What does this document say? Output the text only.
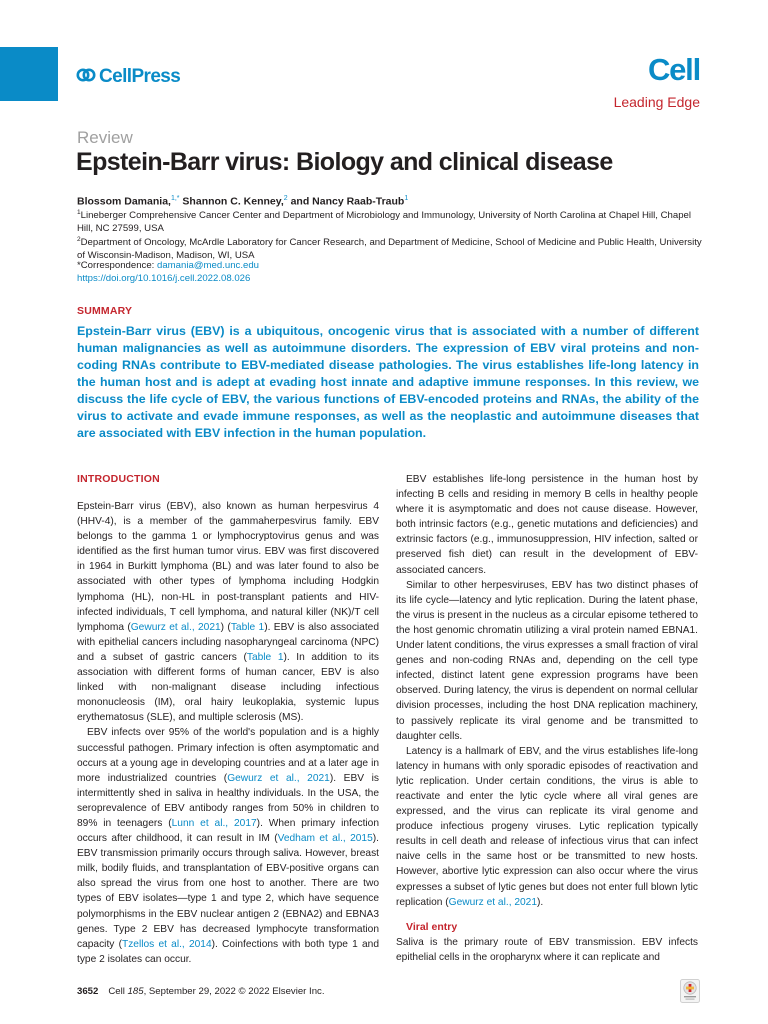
CellPress	Cell
Leading Edge
Review
Epstein-Barr virus: Biology and clinical disease
Blossom Damania,$^{1,*}$ Shannon C. Kenney,$^2$ and Nancy Raab-Traub$^1$
$^1$Lineberger Comprehensive Cancer Center and Department of Microbiology and Immunology, University of North Carolina at Chapel Hill, Chapel Hill, NC 27599, USA
$^2$Department of Oncology, McArdle Laboratory for Cancer Research, and Department of Medicine, School of Medicine and Public Health, University of Wisconsin-Madison, Madison, WI, USA
*Correspondence: damania@med.unc.edu
https://doi.org/10.1016/j.cell.2022.08.026
SUMMARY
Epstein-Barr virus (EBV) is a ubiquitous, oncogenic virus that is associated with a number of different human malignancies as well as autoimmune disorders. The expression of EBV viral proteins and non-coding RNAs contribute to EBV-mediated disease pathologies. The virus establishes life-long latency in the human host and is adept at evading host innate and adaptive immune responses. In this review, we discuss the life cycle of EBV, the various functions of EBV-encoded proteins and RNAs, the ability of the virus to activate and evade immune responses, as well as the neoplastic and autoimmune diseases that are associated with EBV infection in the human population.
INTRODUCTION

Epstein-Barr virus (EBV), also known as human herpesvirus 4 (HHV-4), is a member of the gammaherpesvirus family. EBV belongs to the gamma 1 or lymphocryptovirus genus and was identified as the first human tumor virus. EBV was first discovered in 1964 in Burkitt lymphoma (BL) and was later found to also be associated with other types of lymphoma including Hodgkin lymphoma (HL), non-HL in post-transplant patients and HIV-infected individuals, T cell lymphoma, and natural killer (NK)/T cell lymphoma (Gewurz et al., 2021) (Table 1). EBV is also associated with epithelial cancers including nasopharyngeal carcinoma (NPC) and a subset of gastric cancers (Table 1). In addition to its association with different forms of human cancer, EBV is also linked with non-malignant disease including infectious mononucleosis (IM), oral hairy leukoplakia, systemic lupus erythematosus (SLE), and multiple sclerosis (MS).

EBV infects over 95% of the world's population and is a highly successful pathogen. Primary infection is often asymptomatic and occurs at a young age in developing countries and at a later age in more industrialized countries (Gewurz et al., 2021). EBV is intermittently shed in saliva in healthy individuals. In the USA, the seroprevalence of EBV antibody ranges from 50% in children to 89% in teenagers (Lunn et al., 2017). When primary infection occurs after childhood, it can result in IM (Vedham et al., 2015). EBV transmission primarily occurs through saliva. However, breast milk, bodily fluids, and transplantation of EBV-positive organs can also spread the virus from one host to another. There are two types of EBV isolates—type 1 and type 2, which have sequence polymorphisms in the EBV nuclear antigen 2 (EBNA2) and EBNA3 genes. Type 2 EBV has decreased lymphocyte transformation capacity (Tzellos et al., 2014). Coinfections with both type 1 and type 2 isolates can occur.

EBV establishes life-long persistence in the human host by infecting B cells and residing in memory B cells in healthy people where it is asymptomatic and does not cause disease. However, both intrinsic factors (e.g., genetic mutations and deficiencies) and extrinsic factors (e.g., immunosuppression, HIV infection, salted or preserved fish diet) can result in the development of EBV-associated cancers.

Similar to other herpesviruses, EBV has two distinct phases of its life cycle—latency and lytic replication. During the latent phase, the virus is present in the nucleus as a circular episome tethered to the host genomic chromatin utilizing a viral protein named EBNA1. Under latent conditions, the virus expresses a small fraction of viral genes and non-coding RNAs and, depending on the cell type infected, distinct latent gene expression programs have been observed. During latency, the virus is dependent on normal cellular division processes, including the host DNA replication machinery, to passively replicate its viral genome and be transmitted to daughter cells.

Latency is a hallmark of EBV, and the virus establishes life-long latency in humans with only sporadic episodes of reactivation and lytic replication. Under certain conditions, the virus is able to reactivate and enter the lytic cycle where all viral genes are expressed, and the virus can replicate its viral genome and produce infectious progeny viruses. Lytic replication typically results in cell death and release of infectious virus that can infect naive cells in the same host or be transmitted to new hosts. However, abortive lytic expression can also occur where the virus expresses a subset of lytic genes but does not enter full blown lytic replication (Gewurz et al., 2021).

Viral entry

Saliva is the primary route of EBV transmission. EBV infects epithelial cells in the oropharynx where it can replicate and

3652 Cell 185, September 29, 2022 © 2022 Elsevier Inc.
